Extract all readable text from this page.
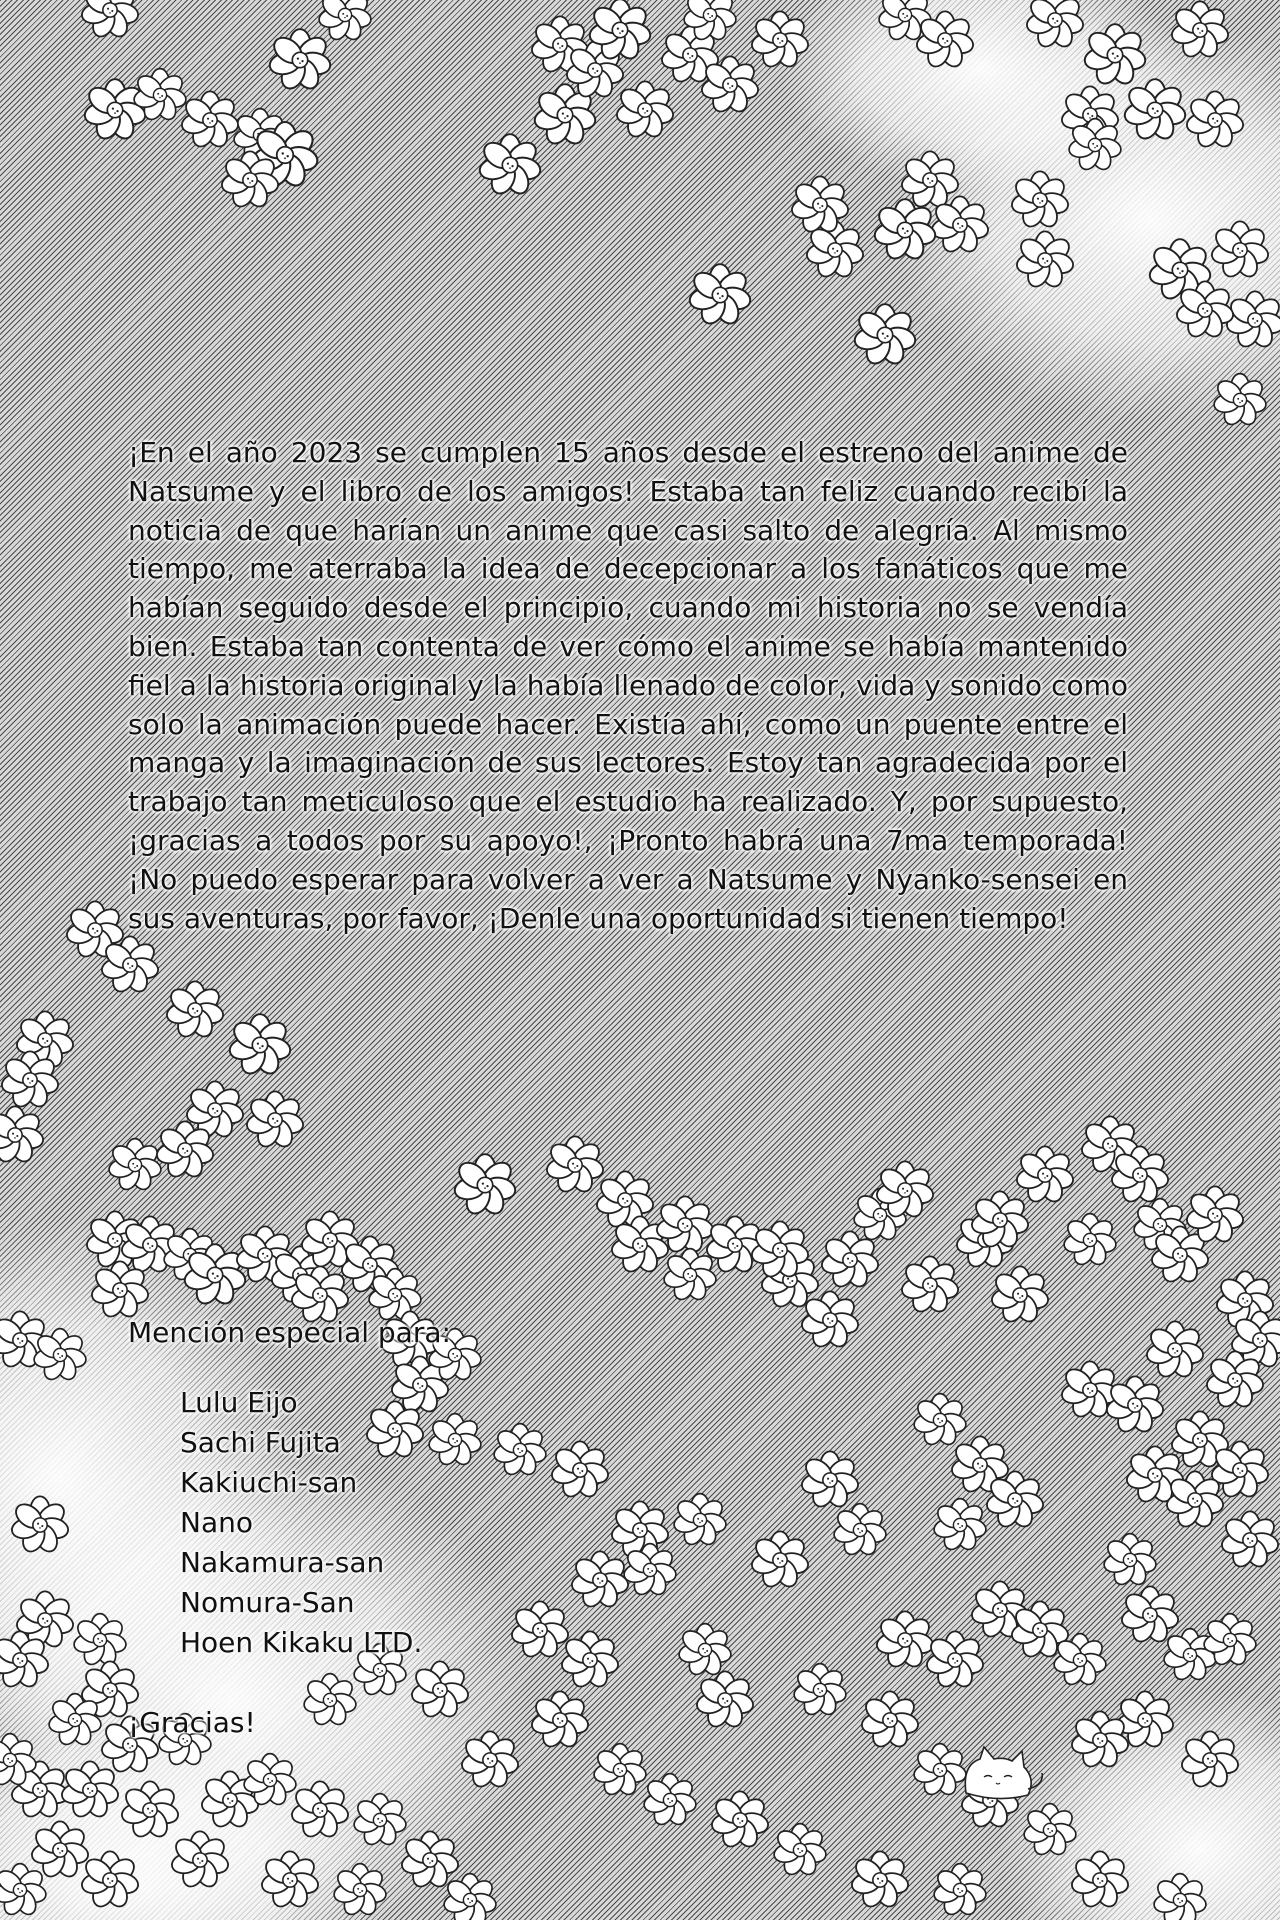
¡En el año 2023 se cumplen 15 años desde el estreno del anime de Natsume y el libro de los amigos! Estaba tan feliz cuando recibí la noticia de que harían un anime que casi salto de alegría. Al mismo tiempo, me aterraba la idea de decepcionar a los fanáticos que me habían seguido desde el principio, cuando mi historia no se vendía bien. Estaba tan contenta de ver cómo el anime se había mantenido fiel a la historia original y la había llenado de color, vida y sonido como solo la animación puede hacer. Existía ahí, como un puente entre el manga y la imaginación de sus lectores. Estoy tan agradecida por el trabajo tan meticuloso que el estudio ha realizado. Y, por supuesto, ¡gracias a todos por su apoyo!, ¡Pronto habrá una 7ma temporada! ¡No puedo esperar para volver a ver a Natsume y Nyanko-sensei en sus aventuras, por favor, ¡Denle una oportunidad si tienen tiempo!

Mención especial para:

Lulu Eijo
Sachi Fujita
Kakiuchi-san
Nano
Nakamura-san
Nomura-San
Hoen Kikaku LTD.

¡Gracias!
